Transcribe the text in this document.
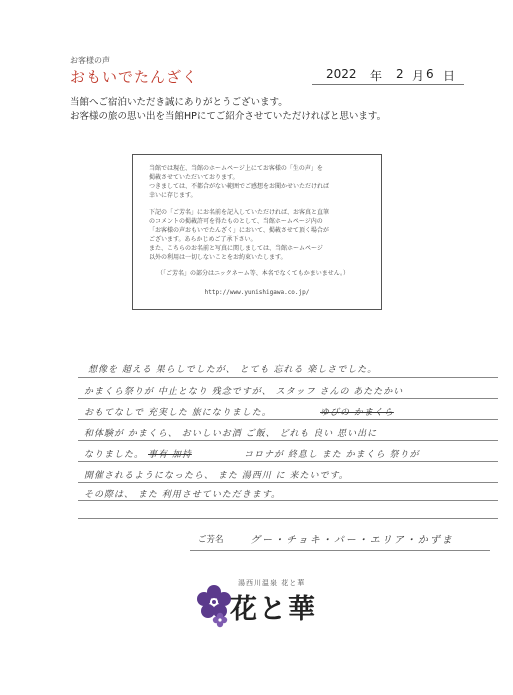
お客様の声
おもいでたんざく	2022 年 2 月 6 日
当館へご宿泊いただき誠にありがとうございます。
お客様の旅の思い出を当館HPにてご紹介させていただければと思います。

当館では現在、当館のホームページ上にてお客様の「生の声」を

掲載させていただいております。

つきましては、不都合がない範囲でご感想をお聞かせいただければ

幸いに存じます。

下記の「ご芳名」にお名前を記入していただければ、お客真と直筆

のコメントの掲載許可を得たものとして、当館ホームページ内の

「お客様の声おもいでたんざく」において、掲載させて頂く場合が

ございます。あらかじめご了承下さい。

また、こちらのお名前と写真に関しましては、当館ホームページ

以外の利用は一切しないことをお約束いたします。

（「ご芳名」の部分はニックネーム等、本名でなくてもかまいません。）

http://www.yunishigawa.co.jp/

想像を 超える 果らしでしたが、 とても 忘れる 楽しさでした。
かまくら祭りが 中止となり 残念ですが、 スタッフ さんの あたたかい
おもてなしで 充実した 旅になりました。	ゆびの かまくら
和体験が かまくら、 おいしいお酒 ご飯、 どれも 良い 思い出に
なりました。 事有 加持	コロナが 終息し また かまくら 祭りが
開催されるようになったら、 また 湯西川 に 来たいです。
その際は、 また 利用させていただきます。
ご芳名	グー・チョキ・パー・エリア・かずま
湯西川温泉 花と華
花と華
